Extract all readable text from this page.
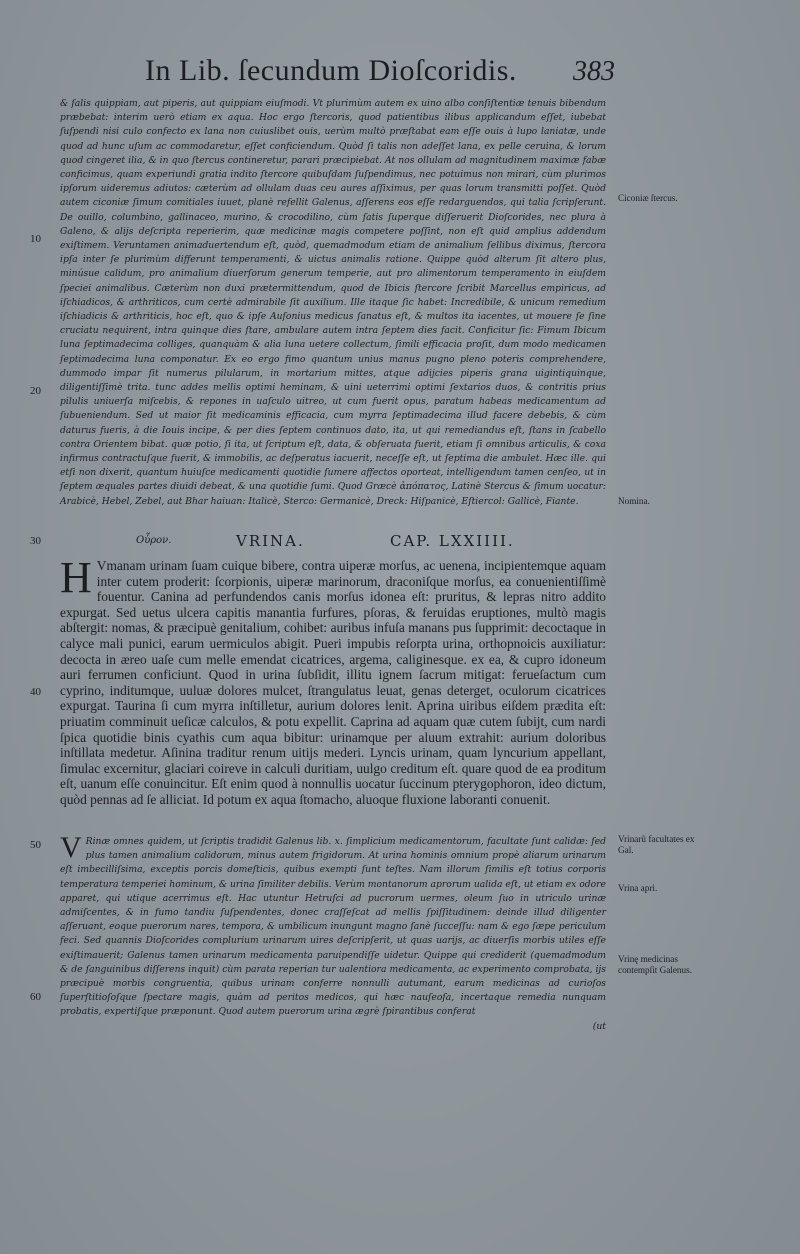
In Lib. ſecundum Dioſcoridis. 383

& ſalis quippiam, aut piperis, aut quippiam eiuſmodi. Vt plurimùm autem ex uino albo conſiſtentiæ tenuis bibendum præbebat: interim uerò etiam ex aqua. Hoc ergo ſtercoris, quod patientibus ilibus applicandum eſſet, iubebat ſuſpendi nisi culo confecto ex lana non cuiuslibet ouis, uerùm multò præſtabat eam eſſe ouis à lupo laniatæ, unde quod ad hunc uſum ac commodaretur, eſſet conficiendum. Quòd ſi talis non adeſſet lana, ex pelle ceruina, & lorum quod cingeret ilia, & in quo ſtercus contineretur, parari præcipiebat. At nos ollulam ad magnitudinem maximæ fabæ conficimus, quam experiundi gratia indito ſtercore quibuſdam ſuſpendimus, nec potuimus non mirari, cùm plurimos ipſorum uideremus adiutos: cæterùm ad ollulam duas ceu aures aſſiximus, per quas lorum transmitti poſſet. Quòd autem ciconiæ ſimum comitiales iuuet, planè refellit Galenus, aſſerens eos eſſe redarguendos, qui talia ſcripſerunt. De ouillo, columbino, gallinaceo, murino, & crocodilino, cùm ſatis ſuperque diſſeruerit Dioſcorides, nec plura à Galeno, & alijs deſcripta reperierim, quæ medicinæ magis competere poſſint, non eſt quid amplius addendum exiſtimem. Veruntamen animaduertendum eſt, quòd, quemadmodum etiam de animalium ſellibus diximus, ſtercora ipſa inter ſe plurimùm differunt temperamenti, & uictus animalis ratione. Quippe quòd alterum ſit altero plus, minúsue calidum, pro animalium diuerſorum generum temperie, aut pro alimentorum temperamento in eiuſdem ſpeciei animalibus. Cæterùm non duxi prætermittendum, quod de Ibicis ſtercore ſcribit Marcellus empiricus, ad iſchiadicos, & arthriticos, cum certè admirabile ſit auxilium. Ille itaque ſic habet: Incredibile, & unicum remedium iſchiadicis & arthriticis, hoc eſt, quo & ipſe Auſonius medicus ſanatus eſt, & multos ita iacentes, ut mouere ſe ſine cruciatu nequirent, intra quinque dies ſtare, ambulare autem intra ſeptem dies facit. Conficitur ſic: Fimum Ibicum luna ſeptimadecima colliges, quanquàm & alia luna uetere collectum, ſimili efficacia proſit, dum modo medicamen ſeptimadecima luna componatur. Ex eo ergo fimo quantum unius manus pugno pleno poteris comprehendere, dummodo impar ſit numerus pilularum, in mortarium mittes, atque adijcies piperis grana uigintiquinque, diligentiſſimè trita. tunc addes mellis optimi heminam, & uini ueterrimi optimi ſextarios duos, & contritis prius pilulis uniuerſa miſcebis, & repones in uaſculo uitreo, ut cum fuerit opus, paratum habeas medicamentum ad ſubueniendum. Sed ut maior ſit medicaminis efficacia, cum myrra ſeptimadecima illud facere debebis, & cùm daturus fueris, à die Iouis incipe, & per dies ſeptem continuos dato, ita, ut qui remediandus eſt, ſtans in ſcabello contra Orientem bibat. quæ potio, ſi ita, ut ſcriptum eſt, data, & obſeruata fuerit, etiam ſi omnibus articulis, & coxa infirmus contractuſque fuerit, & immobilis, ac deſperatus iacuerit, neceſſe eſt, ut ſeptima die ambulet. Hæc ille. qui etſi non dixerit, quantum huiuſce medicamenti quotidie ſumere affectos oporteat, intelligendum tamen cenſeo, ut in ſeptem æquales partes diuidi debeat, & una quotidie ſumi. Quod Græcè ἀπόπατος, Latinè Stercus & ſimum uocatur: Arabicè, Hebel, Zebel, aut Bhar haiuan: Italicè, Sterco: Germanicè, Dreck: Hiſpanicè, Eſtiercol: Gallicè, Fiante.

Οὖρον.	VRINA.	CAP. LXXIIII.
H Vmanam urinam ſuam cuique bibere, contra uiperæ morſus, ac uenena, incipientemque aquam inter cutem proderit: ſcorpionis, uiperæ marinorum, draconiſque morſus, ea conuenientiſſimè fouentur. Canina ad perfundendos canis morſus idonea eſt: pruritus, & lepras nitro addito expurgat. Sed uetus ulcera capitis manantia furfures, pſoras, & feruidas eruptiones, multò magis abſtergit: nomas, & præcipuè genitalium, cohibet: auribus infuſa manans pus ſupprimit: decoctaque in calyce mali punici, earum uermiculos abigit. Pueri impubis reſorpta urina, orthopnoicis auxiliatur: decocta in æreo uaſe cum melle emendat cicatrices, argema, caliginesque. ex ea, & cupro idoneum auri ferrumen conficiunt. Quod in urina ſubſidit, illitu ignem ſacrum mitigat: ferueſactum cum cyprino, inditumque, uuluæ dolores mulcet, ſtrangulatus leuat, genas deterget, oculorum cicatrices expurgat. Taurina ſi cum myrra inſtilletur, aurium dolores lenit. Aprina uiribus eiſdem prædita eſt: priuatim comminuit ueſicæ calculos, & potu expellit. Caprina ad aquam quæ cutem ſubijt, cum nardi ſpica quotidie binis cyathis cum aqua bibitur: urinamque per aluum extrahit: aurium doloribus inſtillata medetur. Aſinina traditur renum uitijs mederi. Lyncis urinam, quam lyncurium appellant, ſimulac excernitur, glaciari coireve in calculi duritiam, uulgo creditum eſt. quare quod de ea proditum eſt, uanum eſſe conuincitur. Eſt enim quod à nonnullis uocatur ſuccinum pterygophoron, ideo dictum, quòd pennas ad ſe alliciat. Id potum ex aqua ſtomacho, aluoque fluxione laboranti conuenit.

V Rinæ omnes quidem, ut ſcriptis tradidit Galenus lib. x. ſimplicium medicamentorum, facultate ſunt calidæ: ſed plus tamen animalium calidorum, minus autem frigidorum. At urina hominis omnium propè aliarum urinarum eſt imbecilliſsima, exceptis porcis domeſticis, quibus exempti ſunt teſtes. Nam illorum ſimilis eſt totius corporis temperatura temperiei hominum, & urina ſimiliter debilis. Verùm montanorum aprorum ualida eſt, ut etiam ex odore apparet, qui utique acerrimus eſt. Hac utuntur Hetruſci ad pucrorum uermes, oleum ſuo in utriculo urinæ admiſcentes, & in fumo tandiu ſuſpendentes, donec craſſeſcat ad mellis ſpiſſitudinem: deinde illud diligenter aſſeruant, eoque puerorum nares, tempora, & umbilicum inungunt magno ſanè ſucceſſu: nam & ego ſæpe periculum feci. Sed quannis Dioſcorides complurium urinarum uires deſcripſerit, ut quas uarijs, ac diuerſis morbis utiles eſſe exiſtimauerit; Galenus tamen urinarum medicamenta paruipendiſſe uidetur. Quippe qui crediderit (quemadmodum & de ſanguinibus diſſerens inquit) cùm parata reperian tur ualentiora medicamenta, ac experimento comprobata, ijs præcipuè morbis congruentia, quibus urinam conferre nonnulli autumant, earum medicinas ad curioſos ſuperſtitioſoſque ſpectare magis, quàm ad peritos medicos, qui hæc nauſeoſa, incertaque remedia nunquam probatis, expertiſque præponunt. Quod autem puerorum urina ægrè ſpirantibus conferat

(ut
10
20
30
40
50
60
Ciconiæ ſtercus.
Nomina.
Vrinarũ facultates ex Gal.
Vrina apri.
Vrinę medicinas contempſit Galenus.
